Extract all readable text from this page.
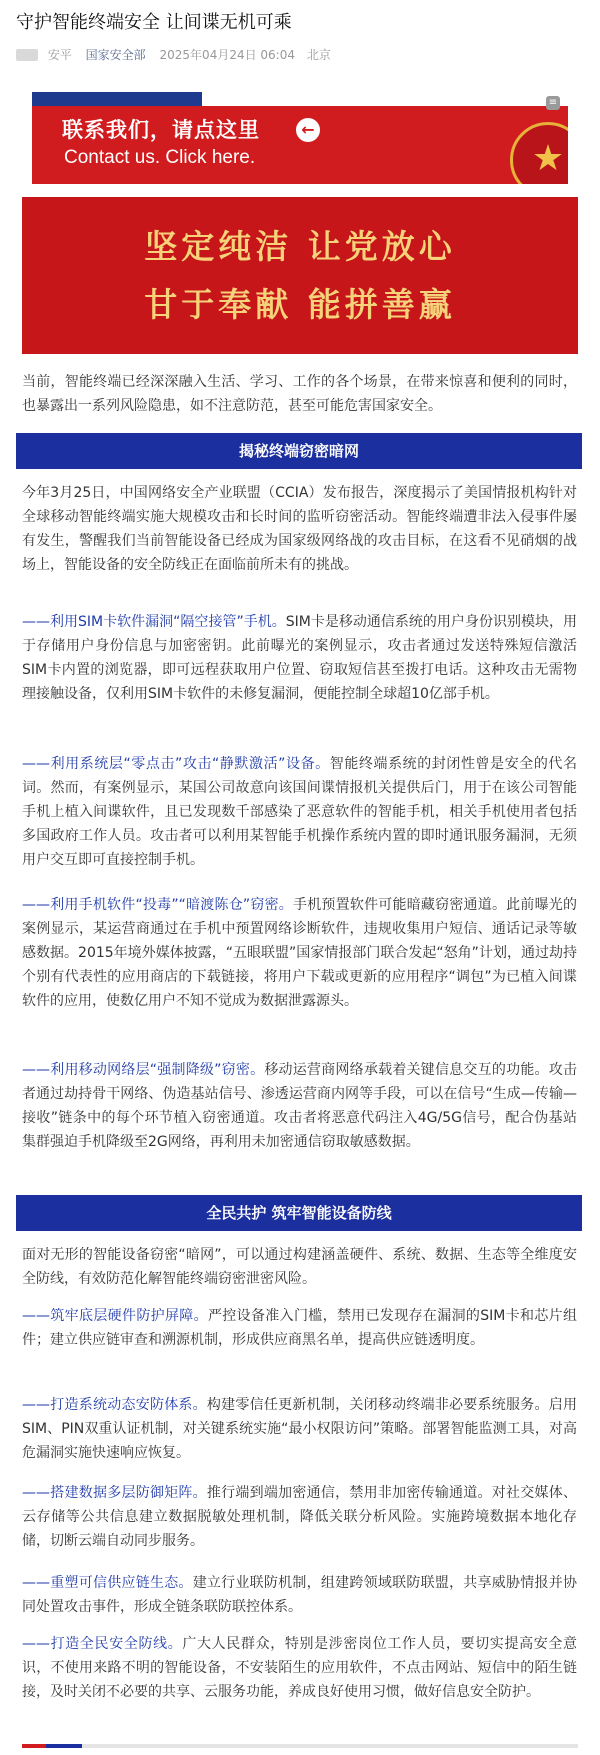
守护智能终端安全 让间谍无机可乘
安平 国家安全部 2025年04月24日 06:04 北京
联系我们，请点这里	←
Contact us. Click here.	★
≡
坚定纯洁 让党放心
甘于奉献 能拼善赢

当前，智能终端已经深深融入生活、学习、工作的各个场景，在带来惊喜和便利的同时，也暴露出一系列风险隐患，如不注意防范，甚至可能危害国家安全。

揭秘终端窃密暗网

今年3月25日，中国网络安全产业联盟（CCIA）发布报告，深度揭示了美国情报机构针对全球移动智能终端实施大规模攻击和长时间的监听窃密活动。智能终端遭非法入侵事件屡有发生，警醒我们当前智能设备已经成为国家级网络战的攻击目标，在这看不见硝烟的战场上，智能设备的安全防线正在面临前所未有的挑战。

——利用SIM卡软件漏洞“隔空接管”手机。SIM卡是移动通信系统的用户身份识别模块，用于存储用户身份信息与加密密钥。此前曝光的案例显示，攻击者通过发送特殊短信激活SIM卡内置的浏览器，即可远程获取用户位置、窃取短信甚至拨打电话。这种攻击无需物理接触设备，仅利用SIM卡软件的未修复漏洞，便能控制全球超10亿部手机。

——利用系统层“零点击”攻击“静默激活”设备。智能终端系统的封闭性曾是安全的代名词。然而，有案例显示，某国公司故意向该国间谍情报机关提供后门，用于在该公司智能手机上植入间谍软件，且已发现数千部感染了恶意软件的智能手机，相关手机使用者包括多国政府工作人员。攻击者可以利用某智能手机操作系统内置的即时通讯服务漏洞，无须用户交互即可直接控制手机。

——利用手机软件“投毒”“暗渡陈仓”窃密。手机预置软件可能暗藏窃密通道。此前曝光的案例显示，某运营商通过在手机中预置网络诊断软件，违规收集用户短信、通话记录等敏感数据。2015年境外媒体披露，“五眼联盟”国家情报部门联合发起“怒角”计划，通过劫持个别有代表性的应用商店的下载链接，将用户下载或更新的应用程序“调包”为已植入间谍软件的应用，使数亿用户不知不觉成为数据泄露源头。

——利用移动网络层“强制降级”窃密。移动运营商网络承载着关键信息交互的功能。攻击者通过劫持骨干网络、伪造基站信号、渗透运营商内网等手段，可以在信号“生成—传输—接收”链条中的每个环节植入窃密通道。攻击者将恶意代码注入4G/5G信号，配合伪基站集群强迫手机降级至2G网络，再利用未加密通信窃取敏感数据。

全民共护 筑牢智能设备防线

面对无形的智能设备窃密“暗网”，可以通过构建涵盖硬件、系统、数据、生态等全维度安全防线，有效防范化解智能终端窃密泄密风险。

——筑牢底层硬件防护屏障。严控设备准入门槛，禁用已发现存在漏洞的SIM卡和芯片组件；建立供应链审查和溯源机制，形成供应商黑名单，提高供应链透明度。

——打造系统动态安防体系。构建零信任更新机制，关闭移动终端非必要系统服务。启用SIM、PIN双重认证机制，对关键系统实施“最小权限访问”策略。部署智能监测工具，对高危漏洞实施快速响应恢复。

——搭建数据多层防御矩阵。推行端到端加密通信，禁用非加密传输通道。对社交媒体、云存储等公共信息建立数据脱敏处理机制，降低关联分析风险。实施跨境数据本地化存储，切断云端自动同步服务。

——重塑可信供应链生态。建立行业联防机制，组建跨领域联防联盟，共享威胁情报并协同处置攻击事件，形成全链条联防联控体系。

——打造全民安全防线。广大人民群众，特别是涉密岗位工作人员，要切实提高安全意识，不使用来路不明的智能设备，不安装陌生的应用软件，不点击网站、短信中的陌生链接，及时关闭不必要的共享、云服务功能，养成良好使用习惯，做好信息安全防护。
